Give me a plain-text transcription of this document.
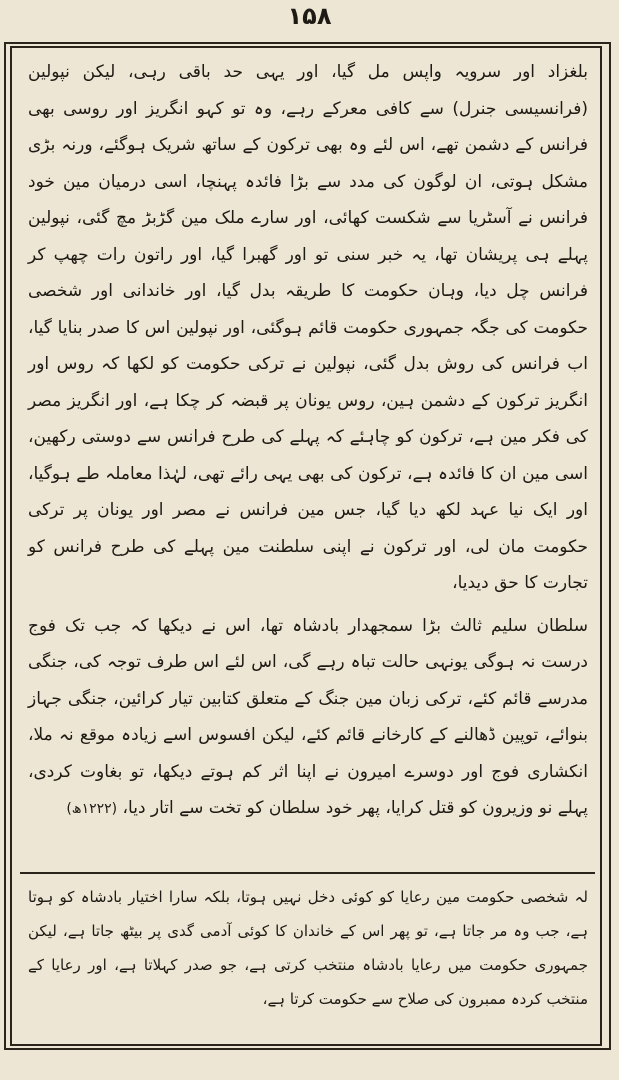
۱۵۸

بلغزاد اور سرویہ واپس مل گیا، اور یہی حد باقی رہی، لیکن نپولین (فرانسیسی جنرل) سے کافی معرکے رہے، وہ تو کہو انگریز اور روسی بھی فرانس کے دشمن تھے، اس لئے وہ بھی ترکون کے ساتھ شریک ہوگئے، ورنہ بڑی مشکل ہوتی، ان لوگون کی مدد سے بڑا فائدہ پہنچا، اسی درمیان مین خود فرانس نے آسٹریا سے شکست کھائی، اور سارے ملک مین گڑبڑ مچ گئی، نپولین پہلے ہی پریشان تھا، یہ خبر سنی تو اور گھبرا گیا، اور راتون رات چھپ کر فرانس چل دیا، وہان حکومت کا طریقہ بدل گیا، اور خاندانی اور شخصی حکومت کی جگہ جمہوری حکومت قائم ہوگئی، اور نپولین اس کا صدر بنایا گیا، اب فرانس کی روش بدل گئی، نپولین نے ترکی حکومت کو لکھا کہ روس اور انگریز ترکون کے دشمن ہین، روس یونان پر قبضہ کر چکا ہے، اور انگریز مصر کی فکر مین ہے، ترکون کو چاہئے کہ پہلے کی طرح فرانس سے دوستی رکھین، اسی مین ان کا فائدہ ہے، ترکون کی بھی یہی رائے تھی، لہٰذا معاملہ طے ہوگیا، اور ایک نیا عہد لکھ دیا گیا، جس مین فرانس نے مصر اور یونان پر ترکی حکومت مان لی، اور ترکون نے اپنی سلطنت مین پہلے کی طرح فرانس کو تجارت کا حق دیدیا،

سلطان سلیم ثالث بڑا سمجھدار بادشاہ تھا، اس نے دیکھا کہ جب تک فوج درست نہ ہوگی یونہی حالت تباہ رہے گی، اس لئے اس طرف توجہ کی، جنگی مدرسے قائم کئے، ترکی زبان مین جنگ کے متعلق کتابین تیار کرائین، جنگی جہاز بنوائے، توپین ڈھالنے کے کارخانے قائم کئے، لیکن افسوس اسے زیادہ موقع نہ ملا، انکشاری فوج اور دوسرے امیرون نے اپنا اثر کم ہوتے دیکھا، تو بغاوت کردی، پہلے نو وزیرون کو قتل کرایا، پھر خود سلطان کو تخت سے اتار دیا، (۱۲۲۲ھ)

لہ شخصی حکومت مین رعایا کو کوئی دخل نہیں ہوتا، بلکہ سارا اختیار بادشاہ کو ہوتا ہے، جب وہ مر جاتا ہے، تو پھر اس کے خاندان کا کوئی آدمی گدی پر بیٹھ جاتا ہے، لیکن جمہوری حکومت میں رعایا بادشاہ منتخب کرتی ہے، جو صدر کہلاتا ہے، اور رعایا کے منتخب کردہ ممبرون کی صلاح سے حکومت کرتا ہے،
